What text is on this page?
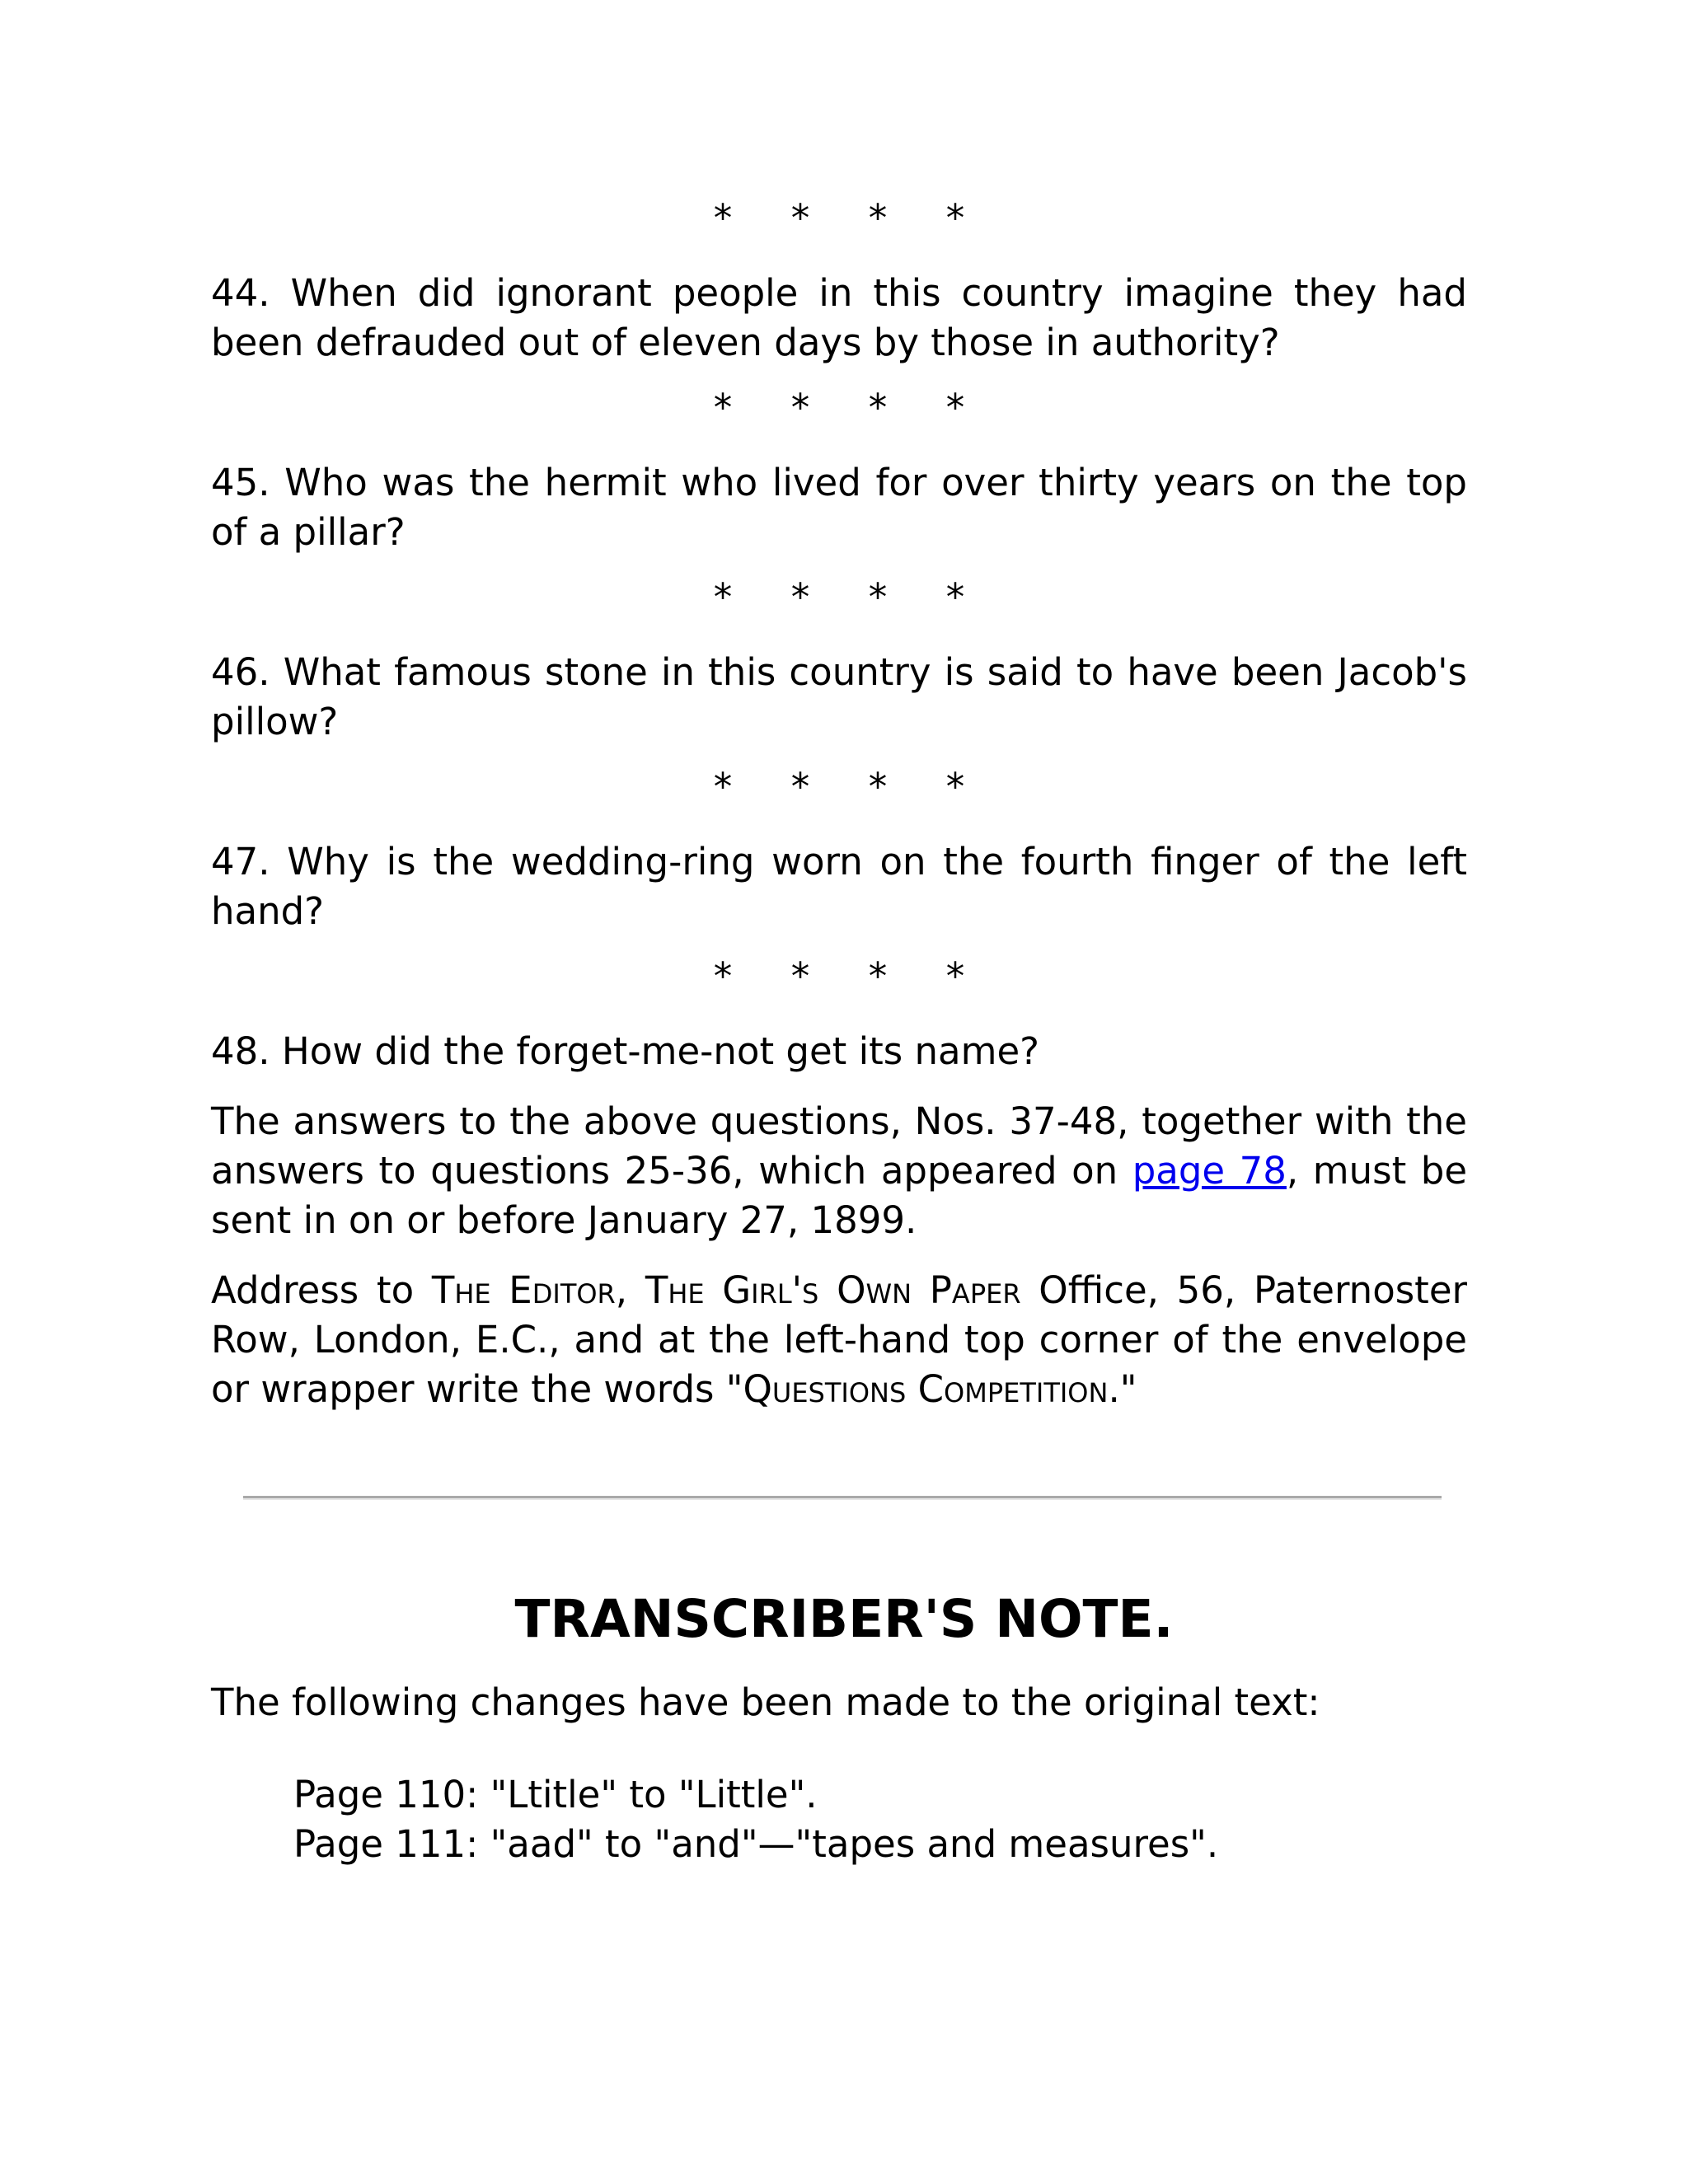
*     *     *     *

44. When did ignorant people in this country imagine they had been defrauded out of eleven days by those in authority?

*     *     *     *

45. Who was the hermit who lived for over thirty years on the top of a pillar?

*     *     *     *

46. What famous stone in this country is said to have been Jacob's pillow?

*     *     *     *

47. Why is the wedding-ring worn on the fourth finger of the left hand?

*     *     *     *

48. How did the forget-me-not get its name?

The answers to the above questions, Nos. 37-48, together with the answers to questions 25-36, which appeared on page 78, must be sent in on or before January 27, 1899.

Address to The Editor, The Girl's Own Paper Office, 56, Paternoster Row, London, E.C., and at the left-hand top corner of the envelope or wrapper write the words "Questions Competition."

TRANSCRIBER'S NOTE.

The following changes have been made to the original text:

Page 110: "Ltitle" to "Little".
Page 111: "aad" to "and"—"tapes and measures".
